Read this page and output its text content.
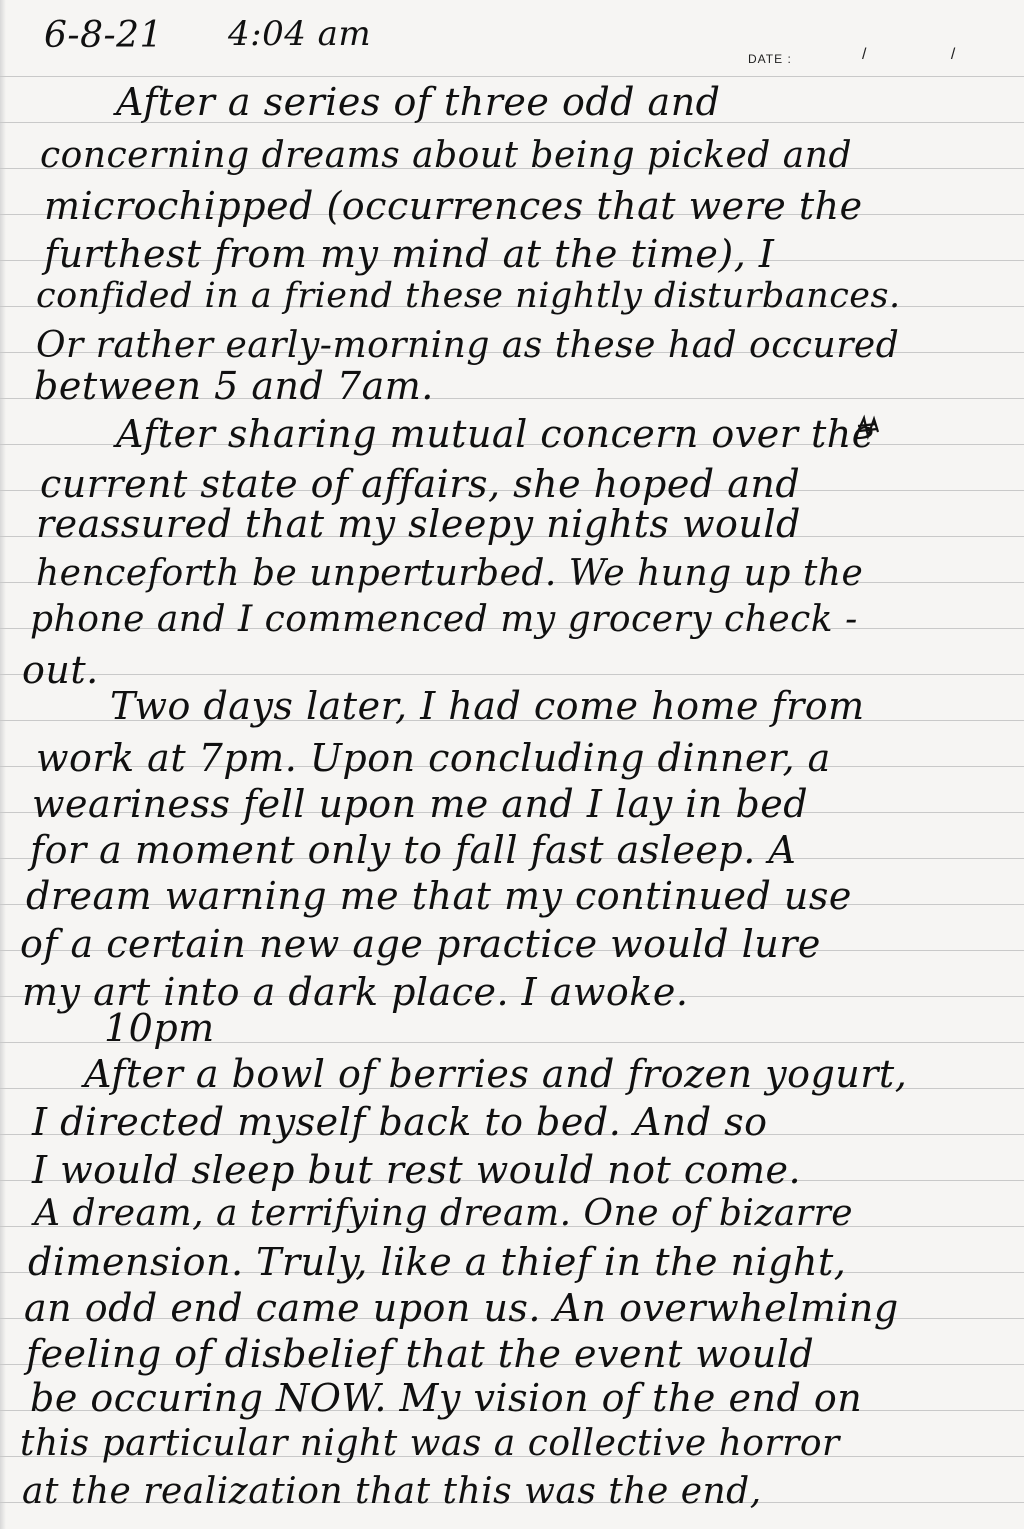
6-8-21 4:04 am
DATE :	/ /
After a series of three odd and
concerning dreams about being picked and
microchipped (occurrences that were the
furthest from my mind at the time), I
confided in a friend these nightly disturbances.
Or rather early-morning as these had occured
between 5 and 7am.
After sharing mutual concern over the
current state of affairs, she hoped and
reassured that my sleepy nights would
henceforth be unperturbed. We hung up the
phone and I commenced my grocery check -
out.
Two days later, I had come home from
work at 7pm. Upon concluding dinner, a
weariness fell upon me and I lay in bed
for a moment only to fall fast asleep. A
dream warning me that my continued use
of a certain new age practice would lure
my art into a dark place. I awoke.
10pm
After a bowl of berries and frozen yogurt,
I directed myself back to bed. And so
I would sleep but rest would not come.
A dream, a terrifying dream. One of bizarre
dimension. Truly, like a thief in the night,
an odd end came upon us. An overwhelming
feeling of disbelief that the event would
be occuring NOW. My vision of the end on
this particular night was a collective horror
at the realization that this was the end,
